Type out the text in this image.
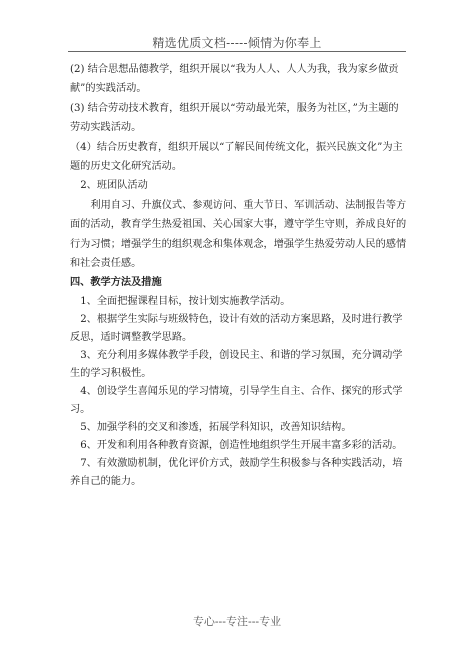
精选优质文档-----倾情为你奉上

(2) 结合思想品德教学，组织开展以“我为人人、人人为我，我为家乡做贡献”的实践活动。

(3) 结合劳动技术教育，组织开展以“劳动最光荣，服务为社区，”为主题的劳动实践活动。

（4）结合历史教育，组织开展以“了解民间传统文化，振兴民族文化”为主题的历史文化研究活动。

2、班团队活动

利用自习、升旗仪式、参观访问、重大节日、军训活动、法制报告等方面的活动，教育学生热爱祖国、关心国家大事，遵守学生守则，养成良好的行为习惯；增强学生的组织观念和集体观念，增强学生热爱劳动人民的感情和社会责任感。

四、教学方法及措施

1、全面把握课程目标，按计划实施教学活动。

2、根据学生实际与班级特色，设计有效的活动方案思路，及时进行教学反思，适时调整教学思路。

3、充分利用多媒体教学手段，创设民主、和谐的学习氛围，充分调动学生的学习积极性。

4、创设学生喜闻乐见的学习情境，引导学生自主、合作、探究的形式学习。

5、加强学科的交叉和渗透，拓展学科知识，改善知识结构。

6、开发和利用各种教育资源，创造性地组织学生开展丰富多彩的活动。

7、有效激励机制，优化评价方式，鼓励学生积极参与各种实践活动，培养自己的能力。

专心---专注---专业
